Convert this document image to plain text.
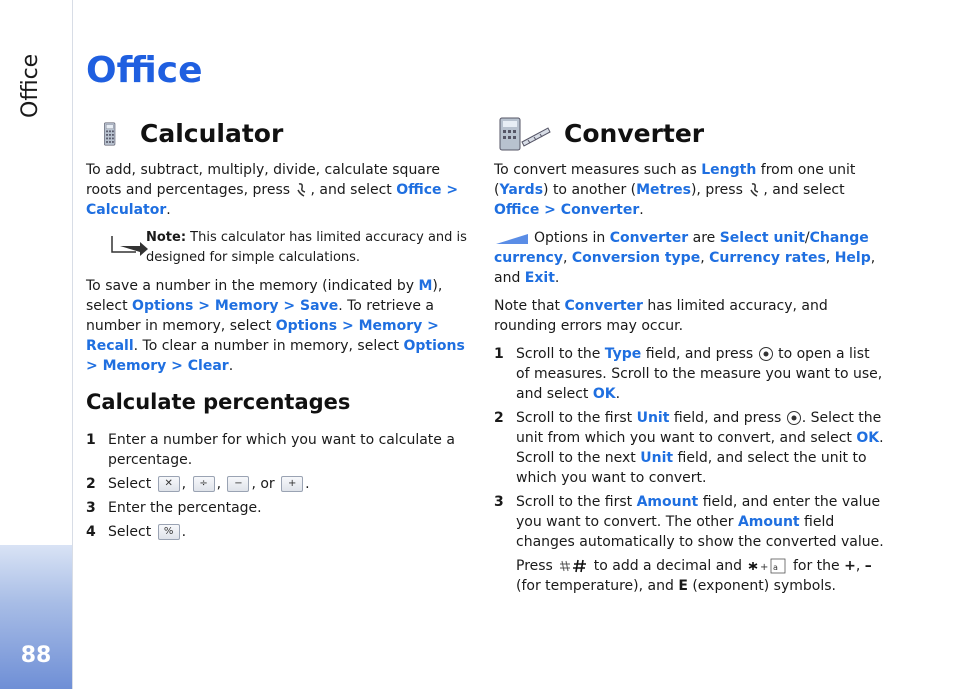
Office
88
Office
Calculator

To add, subtract, multiply, divide, calculate square roots and percentages, press , and select Office > Calculator.

Note: This calculator has limited accuracy and is designed for simple calculations.

To save a number in the memory (indicated by M), select Options > Memory > Save. To retrieve a number in memory, select Options > Memory > Recall. To clear a number in memory, select Options > Memory > Clear.

Calculate percentages
1 Enter a number for which you want to calculate a percentage.
2 Select ✕ , ÷ , − , or + .
3 Enter the percentage.
4 Select % .
Converter

To convert measures such as Length from one unit (Yards) to another (Metres), press , and select Office > Converter.

Options in Converter are Select unit/Change currency, Conversion type, Currency rates, Help, and Exit.

Note that Converter has limited accuracy, and rounding errors may occur.

1 Scroll to the Type field, and press  to open a list of measures. Scroll to the measure you want to use, and select OK.
2 Scroll to the first Unit field, and press . Select the unit from which you want to convert, and select OK. Scroll to the next Unit field, and select the unit to which you want to convert.
3 Scroll to the first Amount field, and enter the value you want to convert. The other Amount field changes automatically to show the converted value.

Press	to add a decimal and + a for the +, – (for temperature), and E (exponent) symbols.
